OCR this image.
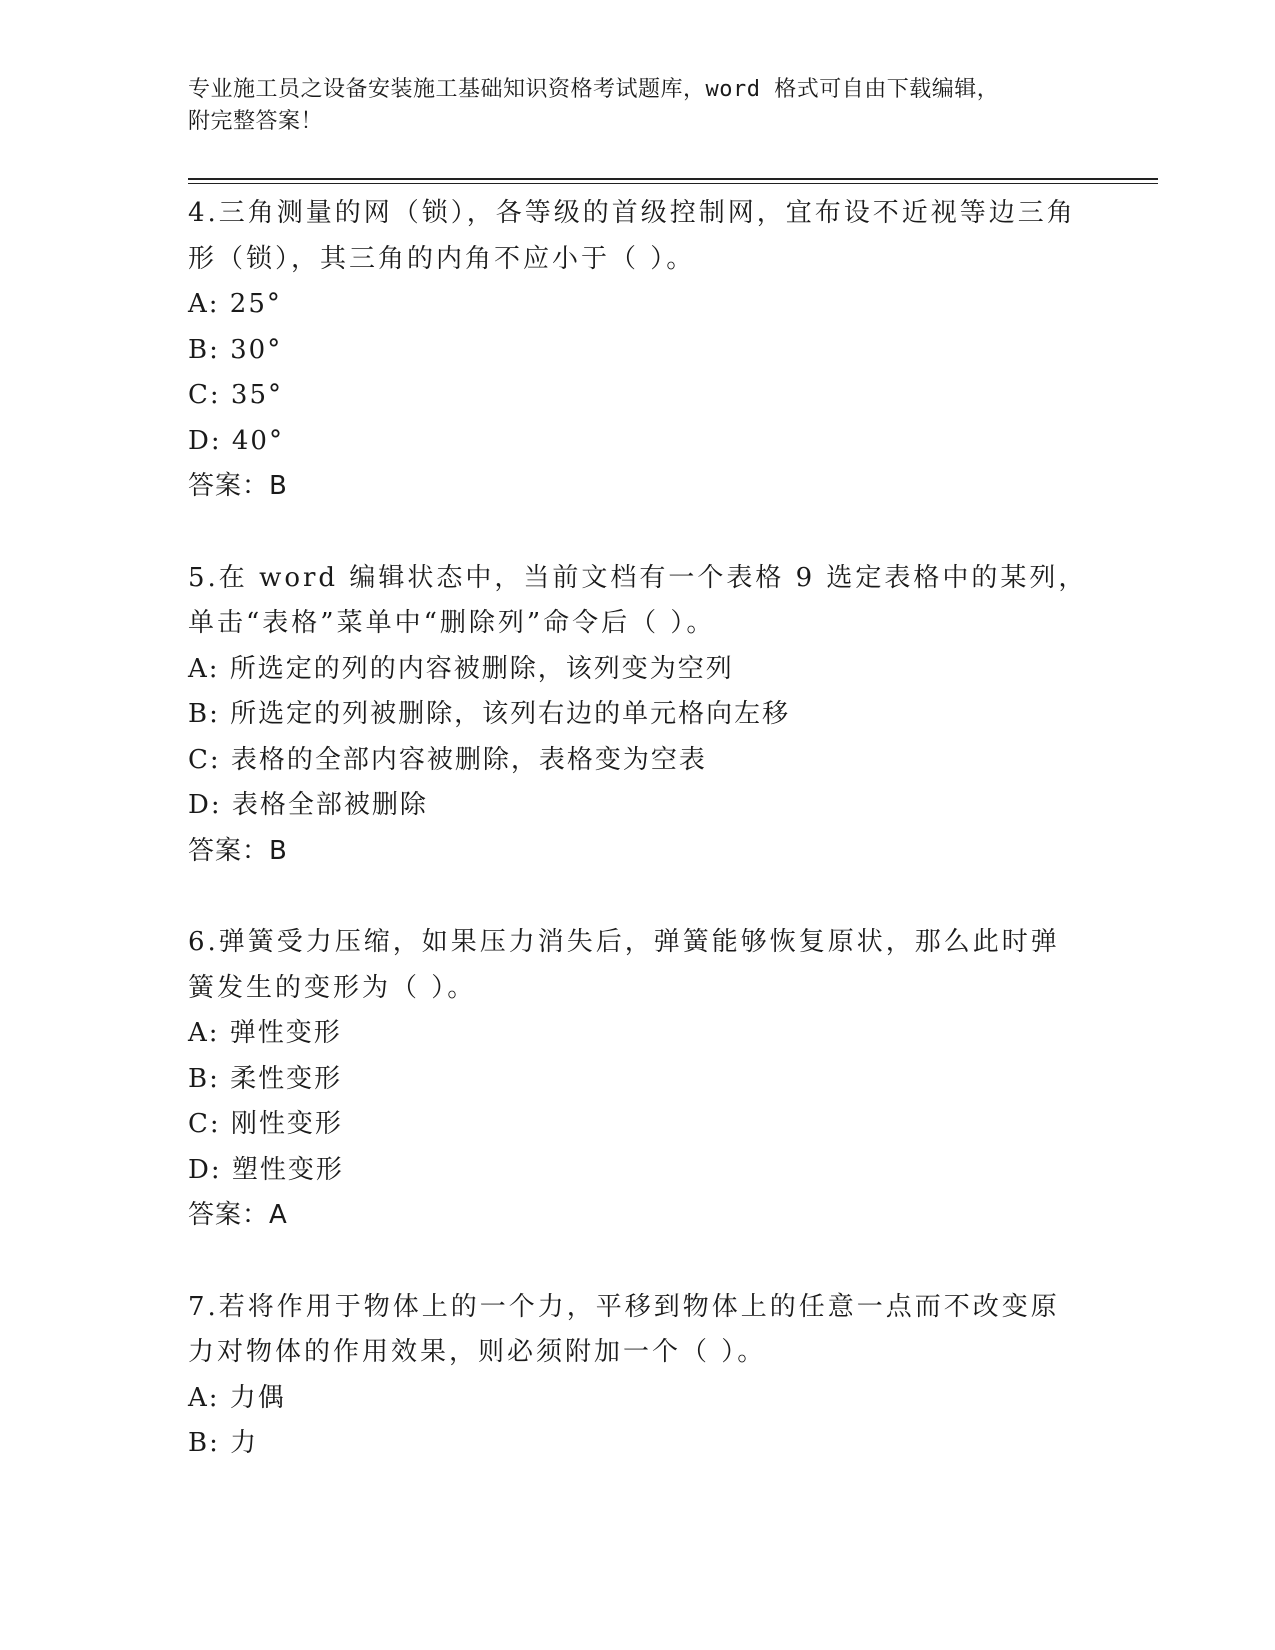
专业施工员之设备安装施工基础知识资格考试题库，word 格式可自由下载编辑，
附完整答案！

4.三角测量的网（锁），各等级的首级控制网，宜布设不近视等边三角形（锁），其三角的内角不应小于（ ）。

A: 25°

B: 30°

C: 35°

D: 40°

答案：B

5.在 word 编辑状态中，当前文档有一个表格 9 选定表格中的某列，单击“表格”菜单中“删除列”命令后（ ）。

A: 所选定的列的内容被删除，该列变为空列

B: 所选定的列被删除，该列右边的单元格向左移

C: 表格的全部内容被删除，表格变为空表

D: 表格全部被删除

答案：B

6.弹簧受力压缩，如果压力消失后，弹簧能够恢复原状，那么此时弹簧发生的变形为（ ）。

A: 弹性变形

B: 柔性变形

C: 刚性变形

D: 塑性变形

答案：A

7.若将作用于物体上的一个力，平移到物体上的任意一点而不改变原力对物体的作用效果，则必须附加一个（ ）。

A: 力偶

B: 力
